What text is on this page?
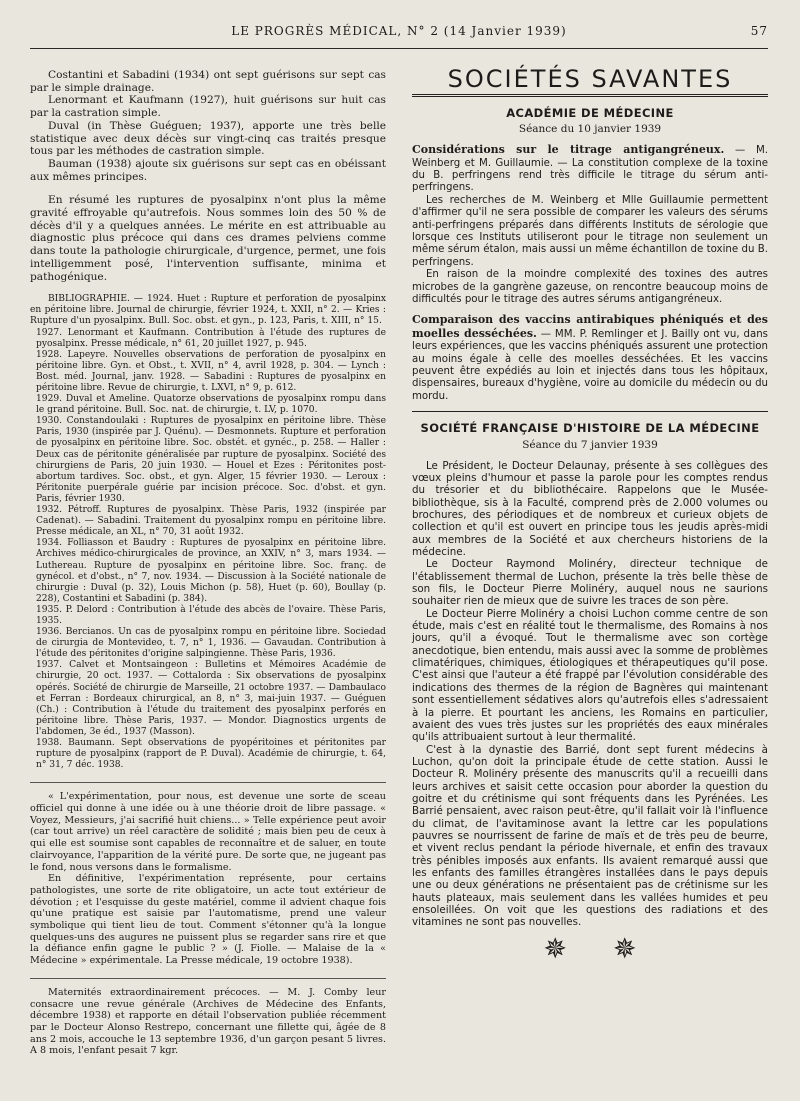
LE PROGRÈS MÉDICAL, N° 2 (14 Janvier 1939)	57

Costantini et Sabadini (1934) ont sept guérisons sur sept cas par le simple drainage.

Lenormant et Kaufmann (1927), huit guérisons sur huit cas par la castration simple.

Duval (in Thèse Guéguen; 1937), apporte une très belle statistique avec deux décès sur vingt-cinq cas traités presque tous par les méthodes de castration simple.

Bauman (1938) ajoute six guérisons sur sept cas en obéissant aux mêmes principes.

En résumé les ruptures de pyosalpinx n'ont plus la même gravité effroyable qu'autrefois. Nous sommes loin des 50 % de décès d'il y a quelques années. Le mérite en est attribuable au diagnostic plus précoce qui dans ces drames pelviens comme dans toute la pathologie chirurgicale, d'urgence, permet, une fois intelligemment posé, l'intervention suffisante, minima et pathogénique.

BIBLIOGRAPHIE. — 1924. Huet : Rupture et perforation de pyosalpinx en péritoine libre. Journal de chirurgie, février 1924, t. XXII, n° 2. — Kries : Rupture d'un pyosalpinx. Bull. Soc. obst. et gyn., p. 123, Paris, t. XIII, n° 15.

1927. Lenormant et Kaufmann. Contribution à l'étude des ruptures de pyosalpinx. Presse médicale, n° 61, 20 juillet 1927, p. 945.

1928. Lapeyre. Nouvelles observations de perforation de pyosalpinx en péritoine libre. Gyn. et Obst., t. XVII, n° 4, avril 1928, p. 304. — Lynch : Bost. méd. Journal, janv. 1928. — Sabadini : Ruptures de pyosalpinx en péritoine libre. Revue de chirurgie, t. LXVI, n° 9, p. 612.

1929. Duval et Ameline. Quatorze observations de pyosalpinx rompu dans le grand péritoine. Bull. Soc. nat. de chirurgie, t. LV, p. 1070.

1930. Constandoulaki : Ruptures de pyosalpinx en péritoine libre. Thèse Paris, 1930 (inspirée par J. Quénu). — Desmonnets. Rupture et perforation de pyosalpinx en péritoine libre. Soc. obstét. et gynéc., p. 258. — Haller : Deux cas de péritonite généralisée par rupture de pyosalpinx. Société des chirurgiens de Paris, 20 juin 1930. — Houel et Ezes : Péritonites post-abortum tardives. Soc. obst., et gyn. Alger, 15 février 1930. — Leroux : Péritonite puerpérale guérie par incision précoce. Soc. d'obst. et gyn. Paris, février 1930.

1932. Pétroff. Ruptures de pyosalpinx. Thèse Paris, 1932 (inspirée par Cadenat). — Sabadini. Traitement du pyosalpinx rompu en péritoine libre. Presse médicale, an XL, n° 70, 31 août 1932.

1934. Folliasson et Baudry : Ruptures de pyosalpinx en péritoine libre. Archives médico-chirurgicales de province, an XXIV, n° 3, mars 1934. — Luthereau. Rupture de pyosalpinx en péritoine libre. Soc. franç. de gynécol. et d'obst., n° 7, nov. 1934. — Discussion à la Société nationale de chirurgie : Duval (p. 32), Louis Michon (p. 58), Huet (p. 60), Boullay (p. 228), Costantini et Sabadini (p. 384).

1935. P. Delord : Contribution à l'étude des abcès de l'ovaire. Thèse Paris, 1935.

1936. Bercianos. Un cas de pyosalpinx rompu en péritoine libre. Sociedad de cirurgia de Montevideo, t. 7, n° 1, 1936. — Gavaudan. Contribution à l'étude des péritonites d'origine salpingienne. Thèse Paris, 1936.

1937. Calvet et Montsaingeon : Bulletins et Mémoires Académie de chirurgie, 20 oct. 1937. — Cottalorda : Six observations de pyosalpinx opérés. Société de chirurgie de Marseille, 21 octobre 1937. — Dambaulaco et Ferran : Bordeaux chirurgical, an 8, n° 3, mai-juin 1937. — Guéguen (Ch.) : Contribution à l'étude du traitement des pyosalpinx perforés en péritoine libre. Thèse Paris, 1937. — Mondor. Diagnostics urgents de l'abdomen, 3e éd., 1937 (Masson).

1938. Baumann. Sept observations de pyopéritoines et péritonites par rupture de pyosalpinx (rapport de P. Duval). Académie de chirurgie, t. 64, n° 31, 7 déc. 1938.

« L'expérimentation, pour nous, est devenue une sorte de sceau officiel qui donne à une idée ou à une théorie droit de libre passage. « Voyez, Messieurs, j'ai sacrifié huit chiens... » Telle expérience peut avoir (car tout arrive) un réel caractère de solidité ; mais bien peu de ceux à qui elle est soumise sont capables de reconnaître et de saluer, en toute clairvoyance, l'apparition de la vérité pure. De sorte que, ne jugeant pas le fond, nous versons dans le formalisme.

En définitive, l'expérimentation représente, pour certains pathologistes, une sorte de rite obligatoire, un acte tout extérieur de dévotion ; et l'esquisse du geste matériel, comme il advient chaque fois qu'une pratique est saisie par l'automatisme, prend une valeur symbolique qui tient lieu de tout. Comment s'étonner qu'à la longue quelques-uns des augures ne puissent plus se regarder sans rire et que la défiance enfin gagne le public ? » (J. Fiolle. — Malaise de la « Médecine » expérimentale. La Presse médicale, 19 octobre 1938).

Maternités extraordinairement précoces. — M. J. Comby leur consacre une revue générale (Archives de Médecine des Enfants, décembre 1938) et rapporte en détail l'observation publiée récemment par le Docteur Alonso Restrepo, concernant une fillette qui, âgée de 8 ans 2 mois, accouche le 13 septembre 1936, d'un garçon pesant 5 livres. A 8 mois, l'enfant pesait 7 kgr.

SOCIÉTÉS SAVANTES
ACADÉMIE DE MÉDECINE
Séance du 10 janvier 1939

Considérations sur le titrage antigangréneux. — M. Weinberg et M. Guillaumie. — La constitution complexe de la toxine du B. perfringens rend très difficile le titrage du sérum anti-perfringens.

Les recherches de M. Weinberg et Mlle Guillaumie permettent d'affirmer qu'il ne sera possible de comparer les valeurs des sérums anti-perfringens préparés dans différents Instituts de sérologie que lorsque ces Instituts utiliseront pour le titrage non seulement un même sérum étalon, mais aussi un même échantillon de toxine du B. perfringens.

En raison de la moindre complexité des toxines des autres microbes de la gangrène gazeuse, on rencontre beaucoup moins de difficultés pour le titrage des autres sérums antigangréneux.

Comparaison des vaccins antirabiques phéniqués et des moelles desséchées. — MM. P. Remlinger et J. Bailly ont vu, dans leurs expériences, que les vaccins phéniqués assurent une protection au moins égale à celle des moelles desséchées. Et les vaccins peuvent être expédiés au loin et injectés dans tous les hôpitaux, dispensaires, bureaux d'hygiène, voire au domicile du médecin ou du mordu.

SOCIÉTÉ FRANÇAISE D'HISTOIRE DE LA MÉDECINE
Séance du 7 janvier 1939

Le Président, le Docteur Delaunay, présente à ses collègues des vœux pleins d'humour et passe la parole pour les comptes rendus du trésorier et du bibliothécaire. Rappelons que le Musée-bibliothèque, sis à la Faculté, comprend près de 2.000 volumes ou brochures, des périodiques et de nombreux et curieux objets de collection et qu'il est ouvert en principe tous les jeudis après-midi aux membres de la Société et aux chercheurs historiens de la médecine.

Le Docteur Raymond Molinéry, directeur technique de l'établissement thermal de Luchon, présente la très belle thèse de son fils, le Docteur Pierre Molinéry, auquel nous ne saurions souhaiter rien de mieux que de suivre les traces de son père.

Le Docteur Pierre Molinéry a choisi Luchon comme centre de son étude, mais c'est en réalité tout le thermalisme, des Romains à nos jours, qu'il a évoqué. Tout le thermalisme avec son cortège anecdotique, bien entendu, mais aussi avec la somme de problèmes climatériques, chimiques, étiologiques et thérapeutiques qu'il pose. C'est ainsi que l'auteur a été frappé par l'évolution considérable des indications des thermes de la région de Bagnères qui maintenant sont essentiellement sédatives alors qu'autrefois elles s'adressaient à la pierre. Et pourtant les anciens, les Romains en particulier, avaient des vues très justes sur les propriétés des eaux minérales qu'ils attribuaient surtout à leur thermalité.

C'est à la dynastie des Barrié, dont sept furent médecins à Luchon, qu'on doit la principale étude de cette station. Aussi le Docteur R. Molinéry présente des manuscrits qu'il a recueilli dans leurs archives et saisit cette occasion pour aborder la question du goitre et du crétinisme qui sont fréquents dans les Pyrénées. Les Barrié pensaient, avec raison peut-être, qu'il fallait voir là l'influence du climat, de l'avitaminose avant la lettre car les populations pauvres se nourrissent de farine de maïs et de très peu de beurre, et vivent reclus pendant la période hivernale, et enfin des travaux très pénibles imposés aux enfants. Ils avaient remarqué aussi que les enfants des familles étrangères installées dans le pays depuis une ou deux générations ne présentaient pas de crétinisme sur les hauts plateaux, mais seulement dans les vallées humides et peu ensoleillées. On voit que les questions des radiations et des vitamines ne sont pas nouvelles.

✵ ✵
